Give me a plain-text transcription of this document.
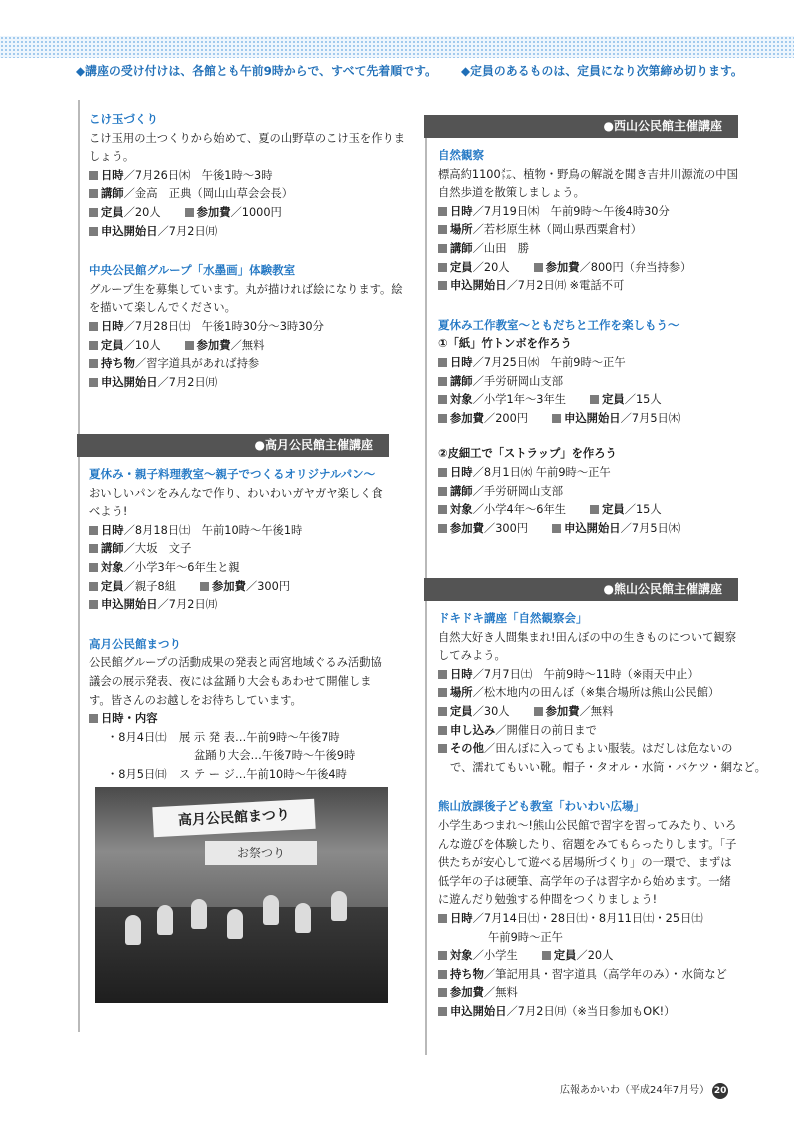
◆講座の受け付けは、各館とも午前9時からで、すべて先着順です。 ◆定員のあるものは、定員になり次第締め切ります。
こけ玉づくり

こけ玉用の土つくりから始めて、夏の山野草のこけ玉を作りましょう。

日時／7月26日㈭　午後1時～3時
講師／金高　正典（岡山山草会会長）
定員／20人	参加費／1000円
申込開始日／7月2日㈪
中央公民館グループ「水墨画」体験教室

グループ生を募集しています。丸が描ければ絵になります。絵を描いて楽しんでください。

日時／7月28日㈯　午後1時30分～3時30分
定員／10人	参加費／無料
持ち物／習字道具があれば持参
申込開始日／7月2日㈪
●高月公民館主催講座
夏休み・親子料理教室～親子でつくるオリジナルパン～

おいしいパンをみんなで作り、わいわいガヤガヤ楽しく食べよう!

日時／8月18日㈯　午前10時～午後1時
講師／大坂　文子
対象／小学3年～6年生と親
定員／親子8組	参加費／300円
申込開始日／7月2日㈪
高月公民館まつり

公民館グループの活動成果の発表と両宮地域ぐるみ活動協議会の展示発表、夜には盆踊り大会もあわせて開催します。皆さんのお越しをお待ちしています。

日時・内容
・8月4日㈯ 展 示 発 表…午前9時～午後7時
盆踊り大会…午後7時～午後9時
・8月5日㈰ ス テ ー ジ…午前10時～午後4時
高月公民館まつり
お祭つり
●西山公民館主催講座
自然観察

標高約1100㍍、植物・野鳥の解説を聞き吉井川源流の中国自然歩道を散策しましょう。

日時／7月19日㈭　午前9時～午後4時30分
場所／若杉原生林（岡山県西粟倉村）
講師／山田　勝
定員／20人	参加費／800円（弁当持参）
申込開始日／7月2日㈪ ※電話不可
夏休み工作教室～ともだちと工作を楽しもう～
①「紙」竹トンボを作ろう
日時／7月25日㈬　午前9時～正午
講師／手労研岡山支部
対象／小学1年～3年生	定員／15人
参加費／200円	申込開始日／7月5日㈭
②皮細工で「ストラップ」を作ろう
日時／8月1日㈬ 午前9時～正午
講師／手労研岡山支部
対象／小学4年～6年生	定員／15人
参加費／300円	申込開始日／7月5日㈭
●熊山公民館主催講座
ドキドキ講座「自然観察会」

自然大好き人間集まれ!田んぼの中の生きものについて観察してみよう。

日時／7月7日㈯　午前9時～11時（※雨天中止）
場所／松木地内の田んぼ（※集合場所は熊山公民館）
定員／30人	参加費／無料
申し込み／開催日の前日まで
その他／田んぼに入ってもよい服装。はだしは危ないの
で、濡れてもいい靴。帽子・タオル・水筒・バケツ・網など。
熊山放課後子ども教室「わいわい広場」

小学生あつまれ～!熊山公民館で習字を習ってみたり、いろんな遊びを体験したり、宿題をみてもらったりします。「子供たちが安心して遊べる居場所づくり」の一環で、まずは低学年の子は硬筆、高学年の子は習字から始めます。一緒に遊んだり勉強する仲間をつくりましょう!

日時／7月14日㈯・28日㈯・8月11日㈯・25日㈯
午前9時～正午
対象／小学生	定員／20人
持ち物／筆記用具・習字道具（高学年のみ）・水筒など
参加費／無料
申込開始日／7月2日㈪（※当日参加もOK!）
広報あかいわ（平成24年7月号） 20
